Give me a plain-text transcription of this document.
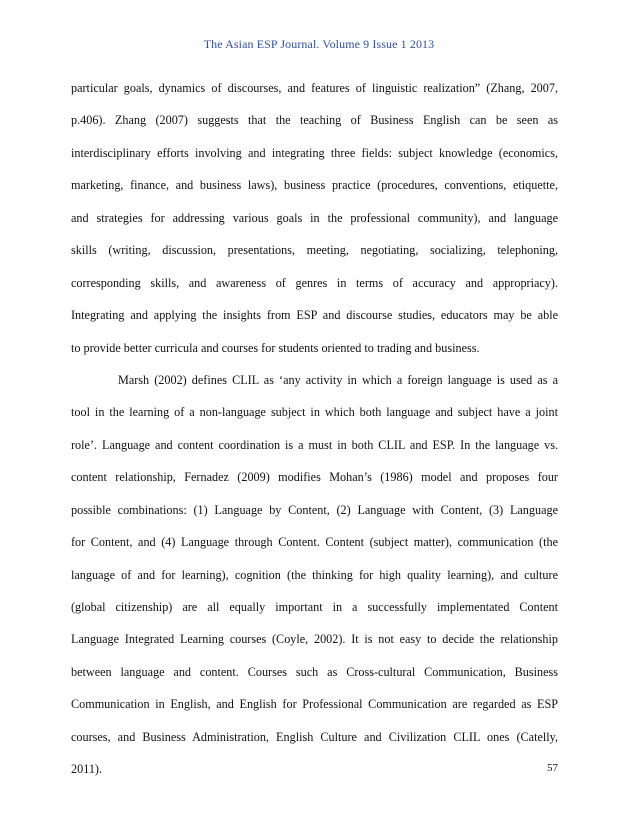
The Asian ESP Journal. Volume 9 Issue 1 2013
particular goals, dynamics of discourses, and features of linguistic realization” (Zhang, 2007,
p.406). Zhang (2007) suggests that the teaching of Business English can be seen as
interdisciplinary efforts involving and integrating three fields: subject knowledge (economics,
marketing, finance, and business laws), business practice (procedures, conventions, etiquette,
and strategies for addressing various goals in the professional community), and language
skills (writing, discussion, presentations, meeting, negotiating, socializing, telephoning,
corresponding skills, and awareness of genres in terms of accuracy and appropriacy).
Integrating and applying the insights from ESP and discourse studies, educators may be able
to provide better curricula and courses for students oriented to trading and business.
Marsh (2002) defines CLIL as ‘any activity in which a foreign language is used as a
tool in the learning of a non-language subject in which both language and subject have a joint
role’. Language and content coordination is a must in both CLIL and ESP. In the language vs.
content relationship, Fernadez (2009) modifies Mohan’s (1986) model and proposes four
possible combinations: (1) Language by Content, (2) Language with Content, (3) Language
for Content, and (4) Language through Content. Content (subject matter), communication (the
language of and for learning), cognition (the thinking for high quality learning), and culture
(global citizenship) are all equally important in a successfully implementated Content
Language Integrated Learning courses (Coyle, 2002). It is not easy to decide the relationship
between language and content. Courses such as Cross-cultural Communication, Business
Communication in English, and English for Professional Communication are regarded as ESP
courses, and Business Administration, English Culture and Civilization CLIL ones (Catelly,
2011).	57
